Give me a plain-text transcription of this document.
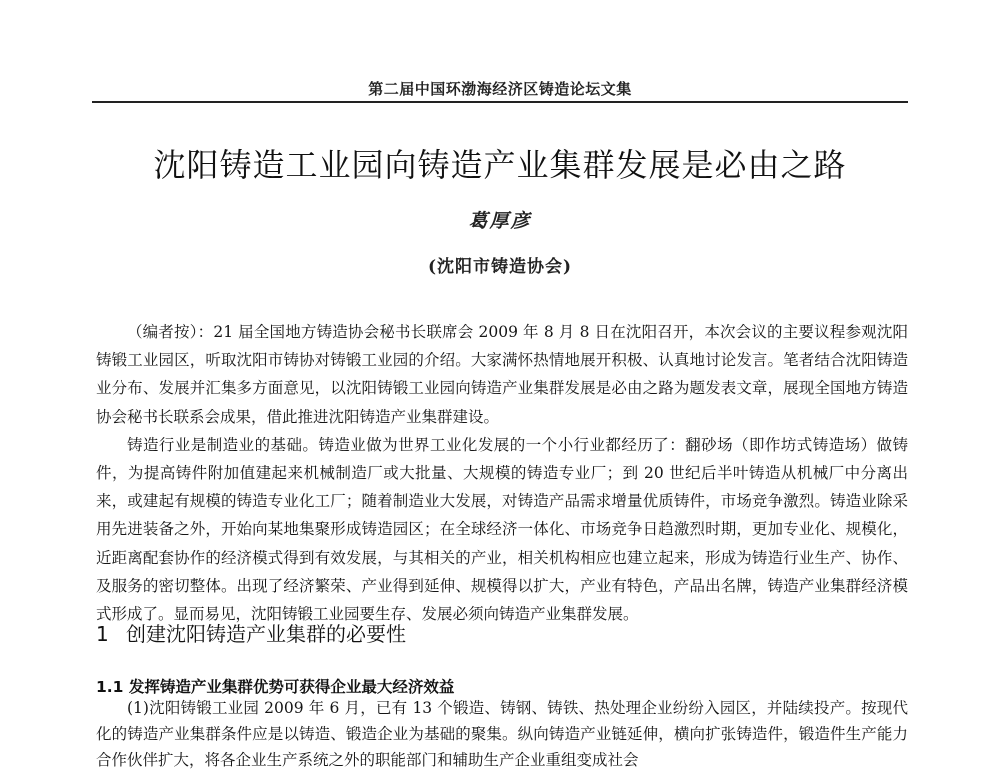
第二届中国环渤海经济区铸造论坛文集
沈阳铸造工业园向铸造产业集群发展是必由之路
葛厚彦
(沈阳市铸造协会)

（编者按）：21 届全国地方铸造协会秘书长联席会 2009 年 8 月 8 日在沈阳召开，本次会议的主要议程参观沈阳铸锻工业园区，听取沈阳市铸协对铸锻工业园的介绍。大家满怀热情地展开积极、认真地讨论发言。笔者结合沈阳铸造业分布、发展并汇集多方面意见，以沈阳铸锻工业园向铸造产业集群发展是必由之路为题发表文章，展现全国地方铸造协会秘书长联系会成果，借此推进沈阳铸造产业集群建设。

铸造行业是制造业的基础。铸造业做为世界工业化发展的一个小行业都经历了：翻砂场（即作坊式铸造场）做铸件，为提高铸件附加值建起来机械制造厂或大批量、大规模的铸造专业厂；到 20 世纪后半叶铸造从机械厂中分离出来，或建起有规模的铸造专业化工厂；随着制造业大发展，对铸造产品需求增量优质铸件，市场竞争激烈。铸造业除采用先进装备之外，开始向某地集聚形成铸造园区；在全球经济一体化、市场竞争日趋激烈时期，更加专业化、规模化，近距离配套协作的经济模式得到有效发展，与其相关的产业，相关机构相应也建立起来，形成为铸造行业生产、协作、及服务的密切整体。出现了经济繁荣、产业得到延伸、规模得以扩大，产业有特色，产品出名牌，铸造产业集群经济模式形成了。显而易见，沈阳铸锻工业园要生存、发展必须向铸造产业集群发展。

1 创建沈阳铸造产业集群的必要性
1.1 发挥铸造产业集群优势可获得企业最大经济效益

(1)沈阳铸锻工业园 2009 年 6 月，已有 13 个锻造、铸钢、铸铁、热处理企业纷纷入园区，并陆续投产。按现代化的铸造产业集群条件应是以铸造、锻造企业为基础的聚集。纵向铸造产业链延伸，横向扩张铸造件，锻造件生产能力合作伙伴扩大，将各企业生产系统之外的职能部门和辅助生产企业重组变成社会
